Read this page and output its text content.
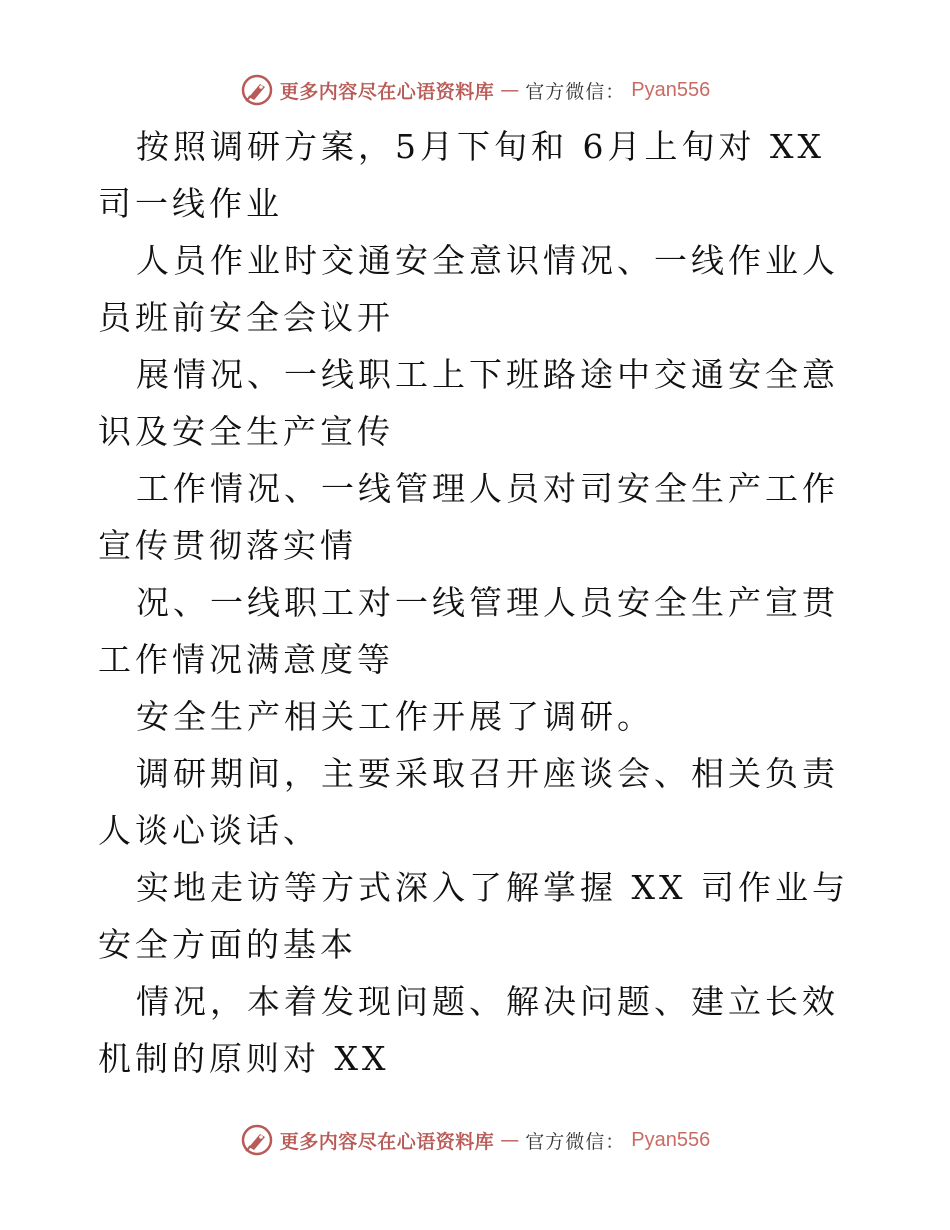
更多内容尽在心语资料库 — 官方微信： Pyan556

按照调研方案，5月下旬和 6月上旬对 XX 司一线作业

人员作业时交通安全意识情况、一线作业人员班前安全会议开

展情况、一线职工上下班路途中交通安全意识及安全生产宣传

工作情况、一线管理人员对司安全生产工作宣传贯彻落实情

况、一线职工对一线管理人员安全生产宣贯工作情况满意度等

安全生产相关工作开展了调研。

调研期间，主要采取召开座谈会、相关负责人谈心谈话、

实地走访等方式深入了解掌握 XX 司作业与安全方面的基本

情况，本着发现问题、解决问题、建立长效机制的原则对 XX

更多内容尽在心语资料库 — 官方微信： Pyan556
